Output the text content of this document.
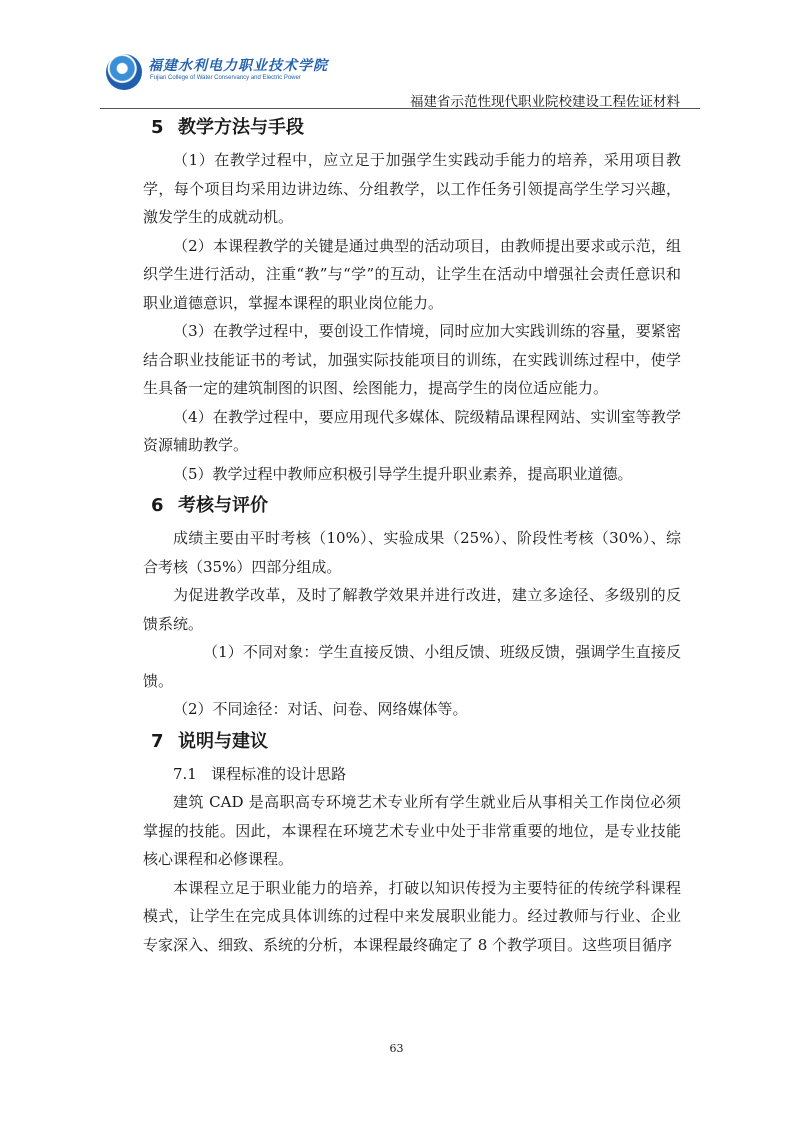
福建水利电力职业技术学院
Fujian College of Water Conservancy and Electric Power
福建省示范性现代职业院校建设工程佐证材料
5 教学方法与手段

（1）在教学过程中，应立足于加强学生实践动手能力的培养，采用项目教学，每个项目均采用边讲边练、分组教学，以工作任务引领提高学生学习兴趣，激发学生的成就动机。

（2）本课程教学的关键是通过典型的活动项目，由教师提出要求或示范，组织学生进行活动，注重“教”与“学”的互动，让学生在活动中增强社会责任意识和职业道德意识，掌握本课程的职业岗位能力。

（3）在教学过程中，要创设工作情境，同时应加大实践训练的容量，要紧密结合职业技能证书的考试，加强实际技能项目的训练，在实践训练过程中，使学生具备一定的建筑制图的识图、绘图能力，提高学生的岗位适应能力。

（4）在教学过程中，要应用现代多媒体、院级精品课程网站、实训室等教学资源辅助教学。

（5）教学过程中教师应积极引导学生提升职业素养，提高职业道德。

6 考核与评价

成绩主要由平时考核（10%）、实验成果（25%）、阶段性考核（30%）、综合考核（35%）四部分组成。

为促进教学改革，及时了解教学效果并进行改进，建立多途径、多级别的反馈系统。

（1）不同对象：学生直接反馈、小组反馈、班级反馈，强调学生直接反馈。

（2）不同途径：对话、问卷、网络媒体等。

7 说明与建议

7.1 课程标准的设计思路

建筑 CAD 是高职高专环境艺术专业所有学生就业后从事相关工作岗位必须掌握的技能。因此，本课程在环境艺术专业中处于非常重要的地位，是专业技能核心课程和必修课程。

本课程立足于职业能力的培养，打破以知识传授为主要特征的传统学科课程模式，让学生在完成具体训练的过程中来发展职业能力。经过教师与行业、企业专家深入、细致、系统的分析，本课程最终确定了 8 个教学项目。这些项目循序

63
